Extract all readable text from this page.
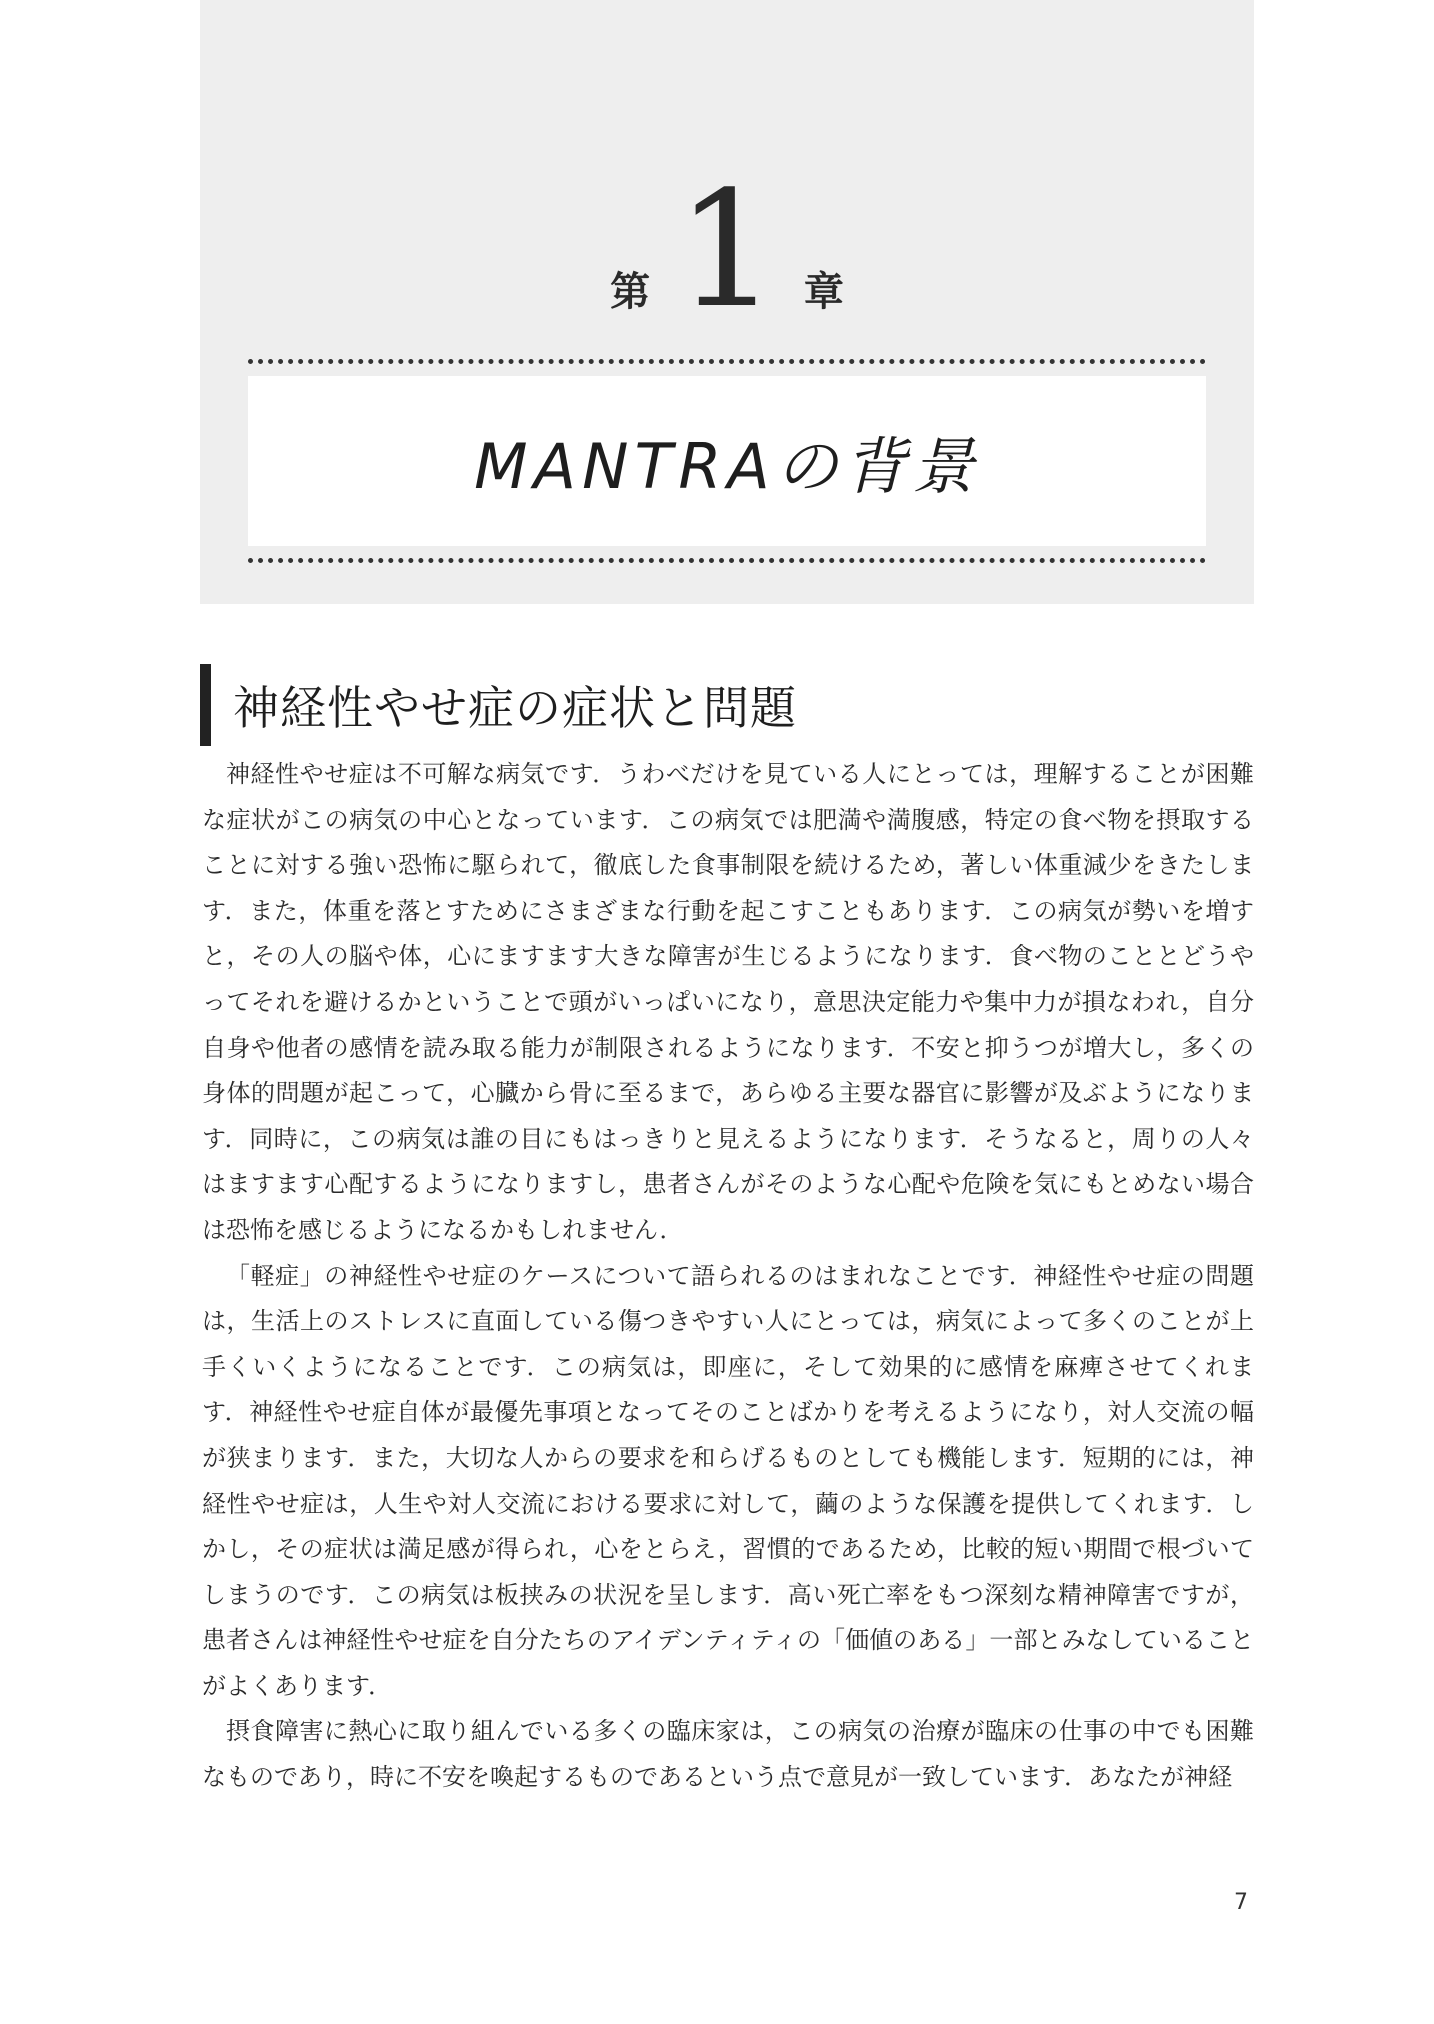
第 1 章
MANTRAの背景
神経性やせ症の症状と問題

神経性やせ症は不可解な病気です．うわべだけを見ている人にとっては，理解することが困難な症状がこの病気の中心となっています．この病気では肥満や満腹感，特定の食べ物を摂取することに対する強い恐怖に駆られて，徹底した食事制限を続けるため，著しい体重減少をきたします．また，体重を落とすためにさまざまな行動を起こすこともあります．この病気が勢いを増すと，その人の脳や体，心にますます大きな障害が生じるようになります．食べ物のこととどうやってそれを避けるかということで頭がいっぱいになり，意思決定能力や集中力が損なわれ，自分自身や他者の感情を読み取る能力が制限されるようになります．不安と抑うつが増大し，多くの身体的問題が起こって，心臓から骨に至るまで，あらゆる主要な器官に影響が及ぶようになります．同時に，この病気は誰の目にもはっきりと見えるようになります．そうなると，周りの人々はますます心配するようになりますし，患者さんがそのような心配や危険を気にもとめない場合は恐怖を感じるようになるかもしれません．

「軽症」の神経性やせ症のケースについて語られるのはまれなことです．神経性やせ症の問題は，生活上のストレスに直面している傷つきやすい人にとっては，病気によって多くのことが上手くいくようになることです．この病気は，即座に，そして効果的に感情を麻痺させてくれます．神経性やせ症自体が最優先事項となってそのことばかりを考えるようになり，対人交流の幅が狭まります．また，大切な人からの要求を和らげるものとしても機能します．短期的には，神経性やせ症は，人生や対人交流における要求に対して，繭のような保護を提供してくれます．しかし，その症状は満足感が得られ，心をとらえ，習慣的であるため，比較的短い期間で根づいてしまうのです．この病気は板挟みの状況を呈します．高い死亡率をもつ深刻な精神障害ですが，患者さんは神経性やせ症を自分たちのアイデンティティの「価値のある」一部とみなしていることがよくあります．

摂食障害に熱心に取り組んでいる多くの臨床家は，この病気の治療が臨床の仕事の中でも困難なものであり，時に不安を喚起するものであるという点で意見が一致しています．あなたが神経

7
